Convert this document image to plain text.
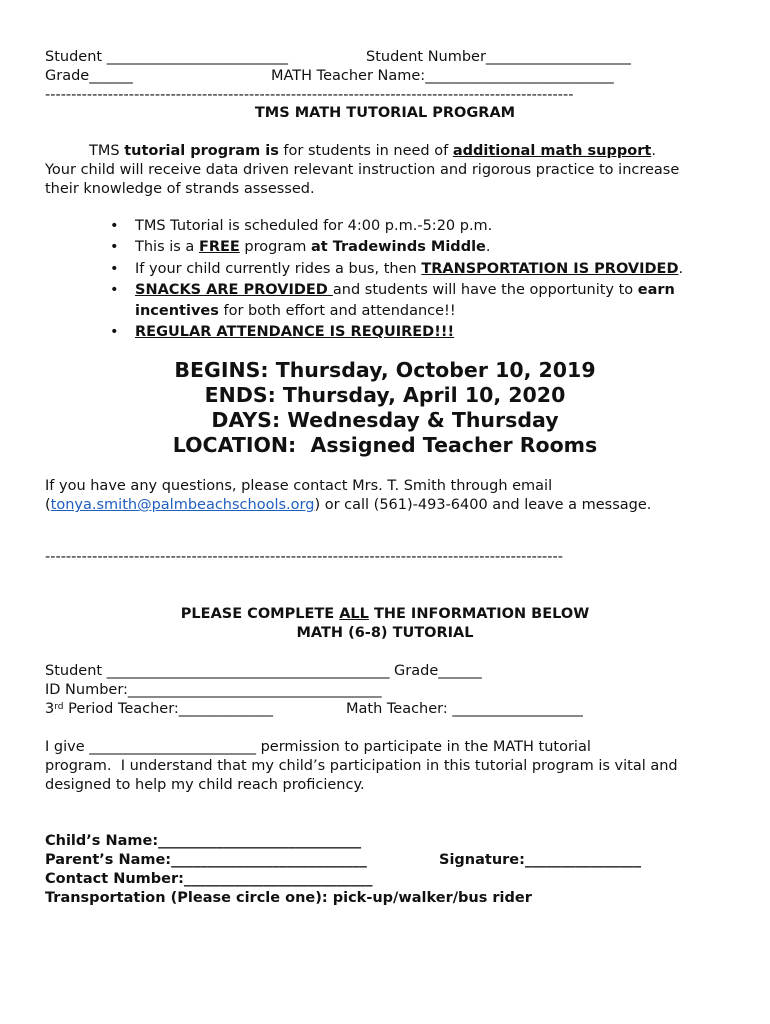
Student _________________________	Student Number____________________
Grade______	MATH Teacher Name:__________________________
-----------------------------------------------------------------------------------------------------
TMS MATH TUTORIAL PROGRAM
TMS tutorial program is for students in need of additional math support.
Your child will receive data driven relevant instruction and rigorous practice to increase
their knowledge of strands assessed.
• TMS Tutorial is scheduled for 4:00 p.m.-5:20 p.m.
• This is a FREE program at Tradewinds Middle.
• If your child currently rides a bus, then TRANSPORTATION IS PROVIDED.
• SNACKS ARE PROVIDED and students will have the opportunity to earn incentives for both effort and attendance!!
• REGULAR ATTENDANCE IS REQUIRED!!!
BEGINS: Thursday, October 10, 2019
ENDS: Thursday, April 10, 2020
DAYS: Wednesday & Thursday
LOCATION:  Assigned Teacher Rooms
If you have any questions, please contact Mrs. T. Smith through email
(tonya.smith@palmbeachschools.org) or call (561)-493-6400 and leave a message.
---------------------------------------------------------------------------------------------------
PLEASE COMPLETE ALL THE INFORMATION BELOW
MATH (6-8) TUTORIAL
Student _______________________________________ Grade______
ID Number:___________________________________
3rd Period Teacher:_____________	Math Teacher: __________________
I give _______________________ permission to participate in the MATH tutorial
program.  I understand that my child’s participation in this tutorial program is vital and
designed to help my child reach proficiency.
Child’s Name:____________________________
Parent’s Name:___________________________	Signature:________________
Contact Number:__________________________
Transportation (Please circle one): pick-up/walker/bus rider
